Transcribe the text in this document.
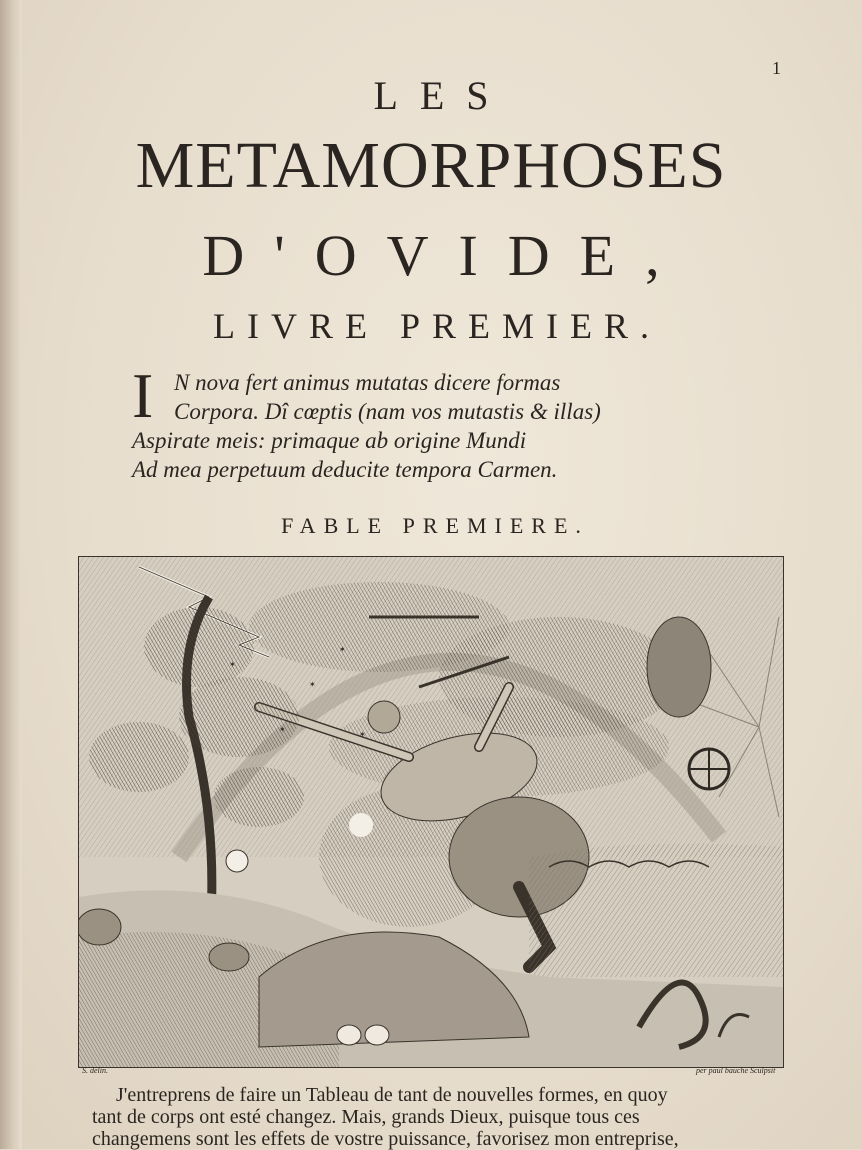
1
LES
METAMORPHOSES
D'OVIDE,
LIVRE PREMIER.
I N nova fert animus mutatas dicere formas
Corpora. Dî cœptis (nam vos mutastis & illas)
Aspirate meis: primaque ab origine Mundi
Ad mea perpetuum deducite tempora Carmen.
FABLE PREMIERE.
✶
✶
✶
✶
✶
S. delin.	per paul bauche Sculpsit
J'entreprens de faire un Tableau de tant de nouvelles formes, en quoy
tant de corps ont esté changez. Mais, grands Dieux, puisque tous ces
changemens sont les effets de vostre puissance, favorisez mon entreprise,
